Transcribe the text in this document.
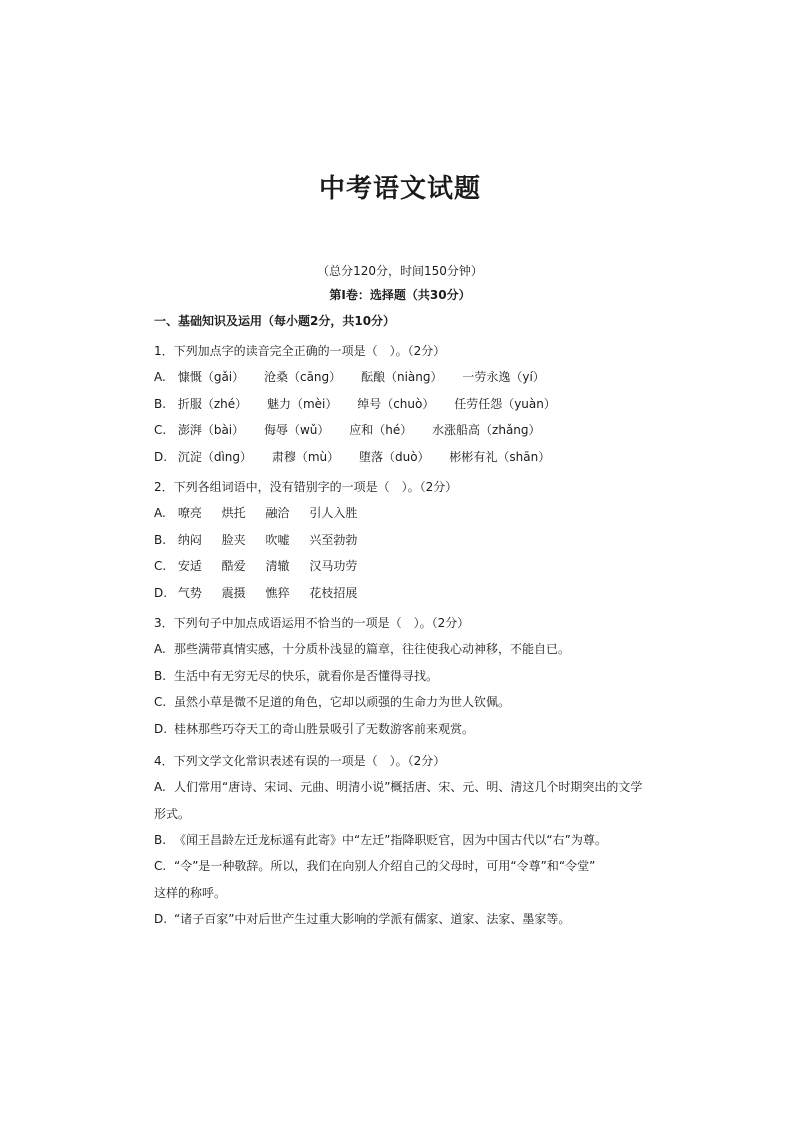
中考语文试题
（总分120分，时间150分钟）
第Ⅰ卷：选择题（共30分）
一、基础知识及运用（每小题2分，共10分）
1．下列加点字的读音完全正确的一项是（　）。（2分）
A. 慷慨（gǎi） 沧桑（cānɡ） 酝酿（niànɡ） 一劳永逸（yí）
B. 折服（zhé） 魅力（mèi） 绰号（chuò） 任劳任怨（yuàn）
C. 澎湃（bài） 侮辱（wǔ） 应和（hé） 水涨船高（zhǎnɡ）
D. 沉淀（dìnɡ） 肃穆（mù） 堕落（duò） 彬彬有礼（shān）
2．下列各组词语中，没有错别字的一项是（　）。（2分）
A. 嘹亮 烘托 融洽 引人入胜
B. 纳闷 脸夹 吹嘘 兴至勃勃
C. 安适 酷爱 清辙 汉马功劳
D. 气势 震摄 憔猝 花枝招展
3．下列句子中加点成语运用不恰当的一项是（　）。（2分）
A. 那些满带真情实感，十分质朴浅显的篇章，往往使我心动神移，不能自已。
B. 生活中有无穷无尽的快乐，就看你是否懂得寻找。
C. 虽然小草是微不足道的角色，它却以顽强的生命力为世人钦佩。
D. 桂林那些巧夺天工的奇山胜景吸引了无数游客前来观赏。
4．下列文学文化常识表述有误的一项是（　）。（2分）
A. 人们常用“唐诗、宋词、元曲、明清小说”概括唐、宋、元、明、清这几个时期突出的文学
形式。
B. 《闻王昌龄左迁龙标遥有此寄》中“左迁”指降职贬官，因为中国古代以“右”为尊。
C. “令”是一种敬辞。所以，我们在向别人介绍自己的父母时，可用“令尊”和“令堂”
这样的称呼。
D. “诸子百家”中对后世产生过重大影响的学派有儒家、道家、法家、墨家等。
